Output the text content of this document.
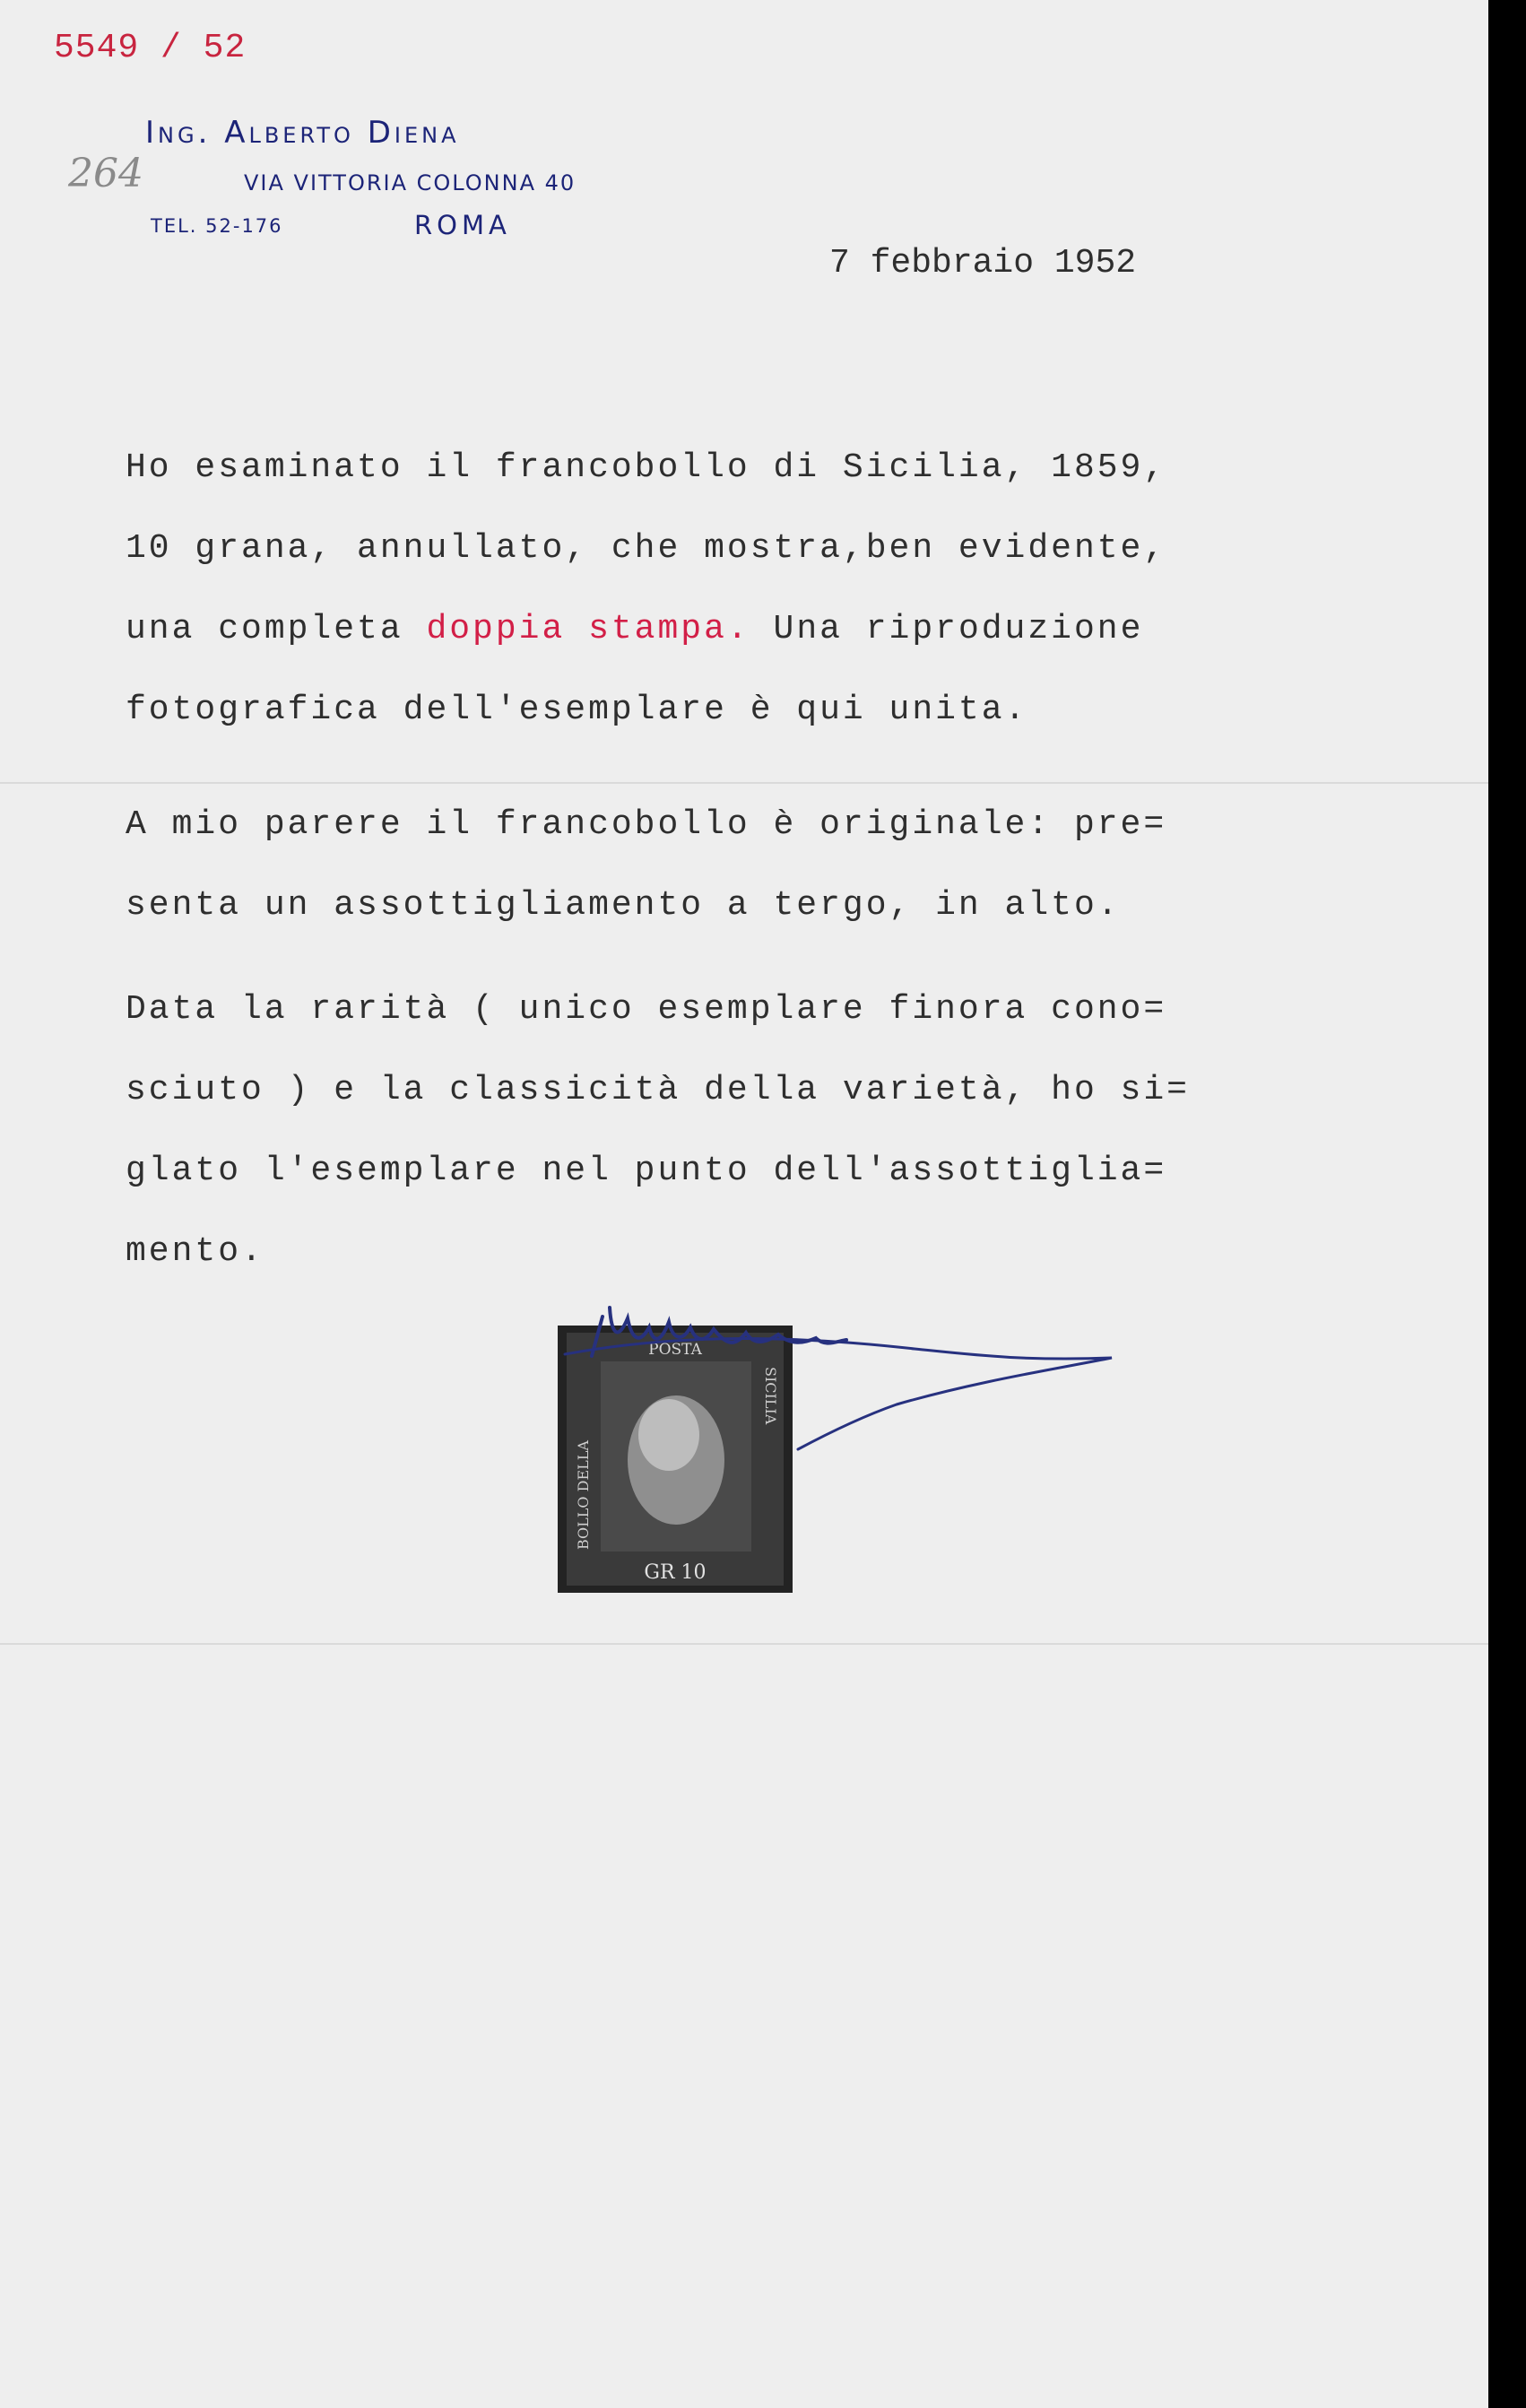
5549 / 52
264
Ing. Alberto Diena
VIA VITTORIA COLONNA 40
TEL. 52-176	ROMA
7 febbraio 1952
Ho esaminato il francobollo di Sicilia, 1859,
10 grana, annullato, che mostra,ben evidente,
una completa doppia stampa. Una riproduzione
fotografica dell'esemplare è qui unita.
A mio parere il francobollo è originale: pre=
senta un assottigliamento a tergo, in alto.
Data la rarità ( unico esemplare finora cono=
sciuto ) e la classicità della varietà, ho si=
glato l'esemplare nel punto dell'assottiglia=
mento.
POSTA
GR 10
BOLLO DELLA
SICILIA
